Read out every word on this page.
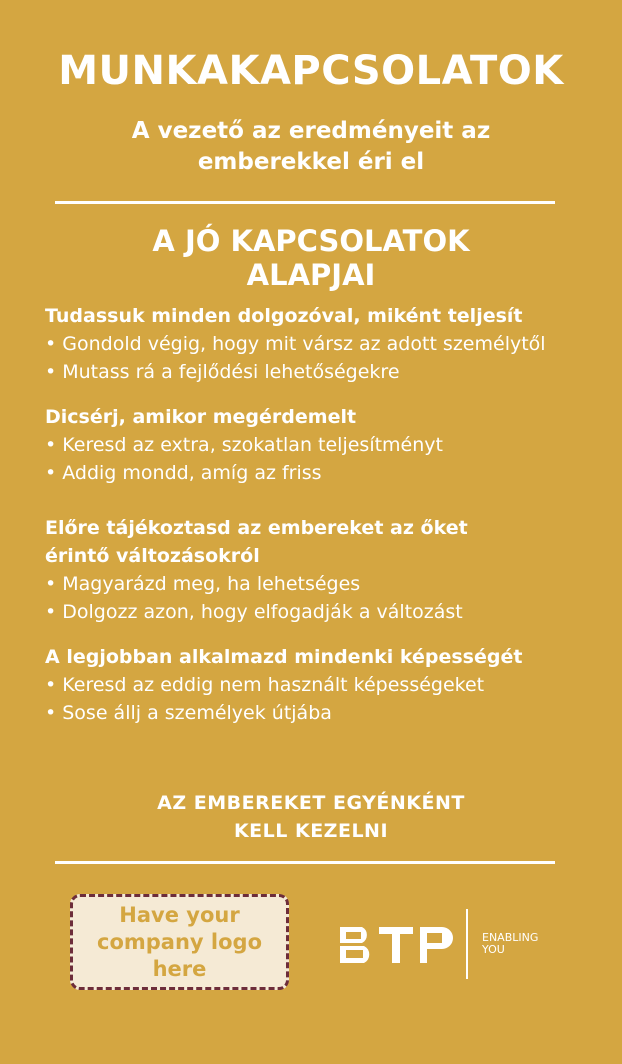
MUNKAKAPCSOLATOK
A vezető az eredményeit az
emberekkel éri el
A JÓ KAPCSOLATOK
ALAPJAI
Tudassuk minden dolgozóval, miként teljesít
• Gondold végig, hogy mit vársz az adott személytől
• Mutass rá a fejlődési lehetőségekre
Dicsérj, amikor megérdemelt
• Keresd az extra, szokatlan teljesítményt
• Addig mondd, amíg az friss
Előre tájékoztasd az embereket az őket
érintő változásokról
• Magyarázd meg, ha lehetséges
• Dolgozz azon, hogy elfogadják a változást
A legjobban alkalmazd mindenki képességét
• Keresd az eddig nem használt képességeket
• Sose állj a személyek útjába
AZ EMBEREKET EGYÉNKÉNT
KELL KEZELNI
Have your
company logo
here
ENABLING
YOU
